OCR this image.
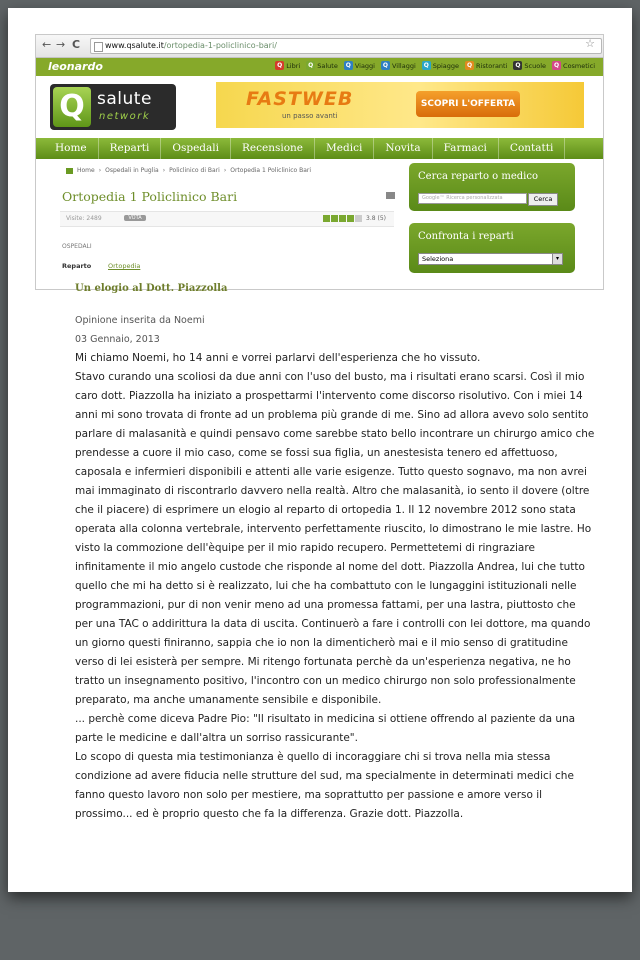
← → C	www.qsalute.it/ortopedia-1-policlinico-bari/	☆
leonardo	Q Libri	Q Salute	Q Viaggi	Q Villaggi	Q Spiagge	Q Ristoranti	Q Scuole	Q Cosmetici
Q salute
network
FASTWEB
un passo avanti
SCOPRI L'OFFERTA
Home	Reparti	Ospedali	Recensione	Medici	Novita	Farmaci	Contatti
Home › Ospedali in Puglia › Policlinico di Bari › Ortopedia 1 Policlinico Bari
Ortopedia 1 Policlinico Bari
Visite: 2489	VOTA	3.8 (5)
OSPEDALI
Reparto	Ortopedia
Cerca reparto o medico
Google™ Ricerca personalizzata	Cerca
Confronta i reparti
Seleziona	▾

Un elogio al Dott. Piazzolla

Opinione inserita da Noemi

03 Gennaio, 2013

Mi chiamo Noemi, ho 14 anni e vorrei parlarvi dell'esperienza che ho vissuto.

Stavo curando una scoliosi da due anni con l'uso del busto, ma i risultati erano scarsi. Così il mio caro dott. Piazzolla ha iniziato a prospettarmi l'intervento come discorso risolutivo. Con i miei 14 anni mi sono trovata di fronte ad un problema più grande di me. Sino ad allora avevo solo sentito parlare di malasanità e quindi pensavo come sarebbe stato bello incontrare un chirurgo amico che prendesse a cuore il mio caso, come se fossi sua figlia, un anestesista tenero ed affettuoso, caposala e infermieri disponibili e attenti alle varie esigenze. Tutto questo sognavo, ma non avrei mai immaginato di riscontrarlo davvero nella realtà. Altro che malasanità, io sento il dovere (oltre che il piacere) di esprimere un elogio al reparto di ortopedia 1. Il 12 novembre 2012 sono stata operata alla colonna vertebrale, intervento perfettamente riuscito, lo dimostrano le mie lastre. Ho visto la commozione dell'èquipe per il mio rapido recupero. Permettetemi di ringraziare infinitamente il mio angelo custode che risponde al nome del dott. Piazzolla Andrea, lui che tutto quello che mi ha detto si è realizzato, lui che ha combattuto con le lungaggini istituzionali nelle programmazioni, pur di non venir meno ad una promessa fattami, per una lastra, piuttosto che per una TAC o addirittura la data di uscita. Continuerò a fare i controlli con lei dottore, ma quando un giorno questi finiranno, sappia che io non la dimenticherò mai e il mio senso di gratitudine verso di lei esisterà per sempre. Mi ritengo fortunata perchè da un'esperienza negativa, ne ho tratto un insegnamento positivo, l'incontro con un medico chirurgo non solo professionalmente preparato, ma anche umanamente sensibile e disponibile.

... perchè come diceva Padre Pio: "Il risultato in medicina si ottiene offrendo al paziente da una parte le medicine e dall'altra un sorriso rassicurante".

Lo scopo di questa mia testimonianza è quello di incoraggiare chi si trova nella mia stessa condizione ad avere fiducia nelle strutture del sud, ma specialmente in determinati medici che fanno questo lavoro non solo per mestiere, ma soprattutto per passione e amore verso il prossimo... ed è proprio questo che fa la differenza. Grazie dott. Piazzolla.
